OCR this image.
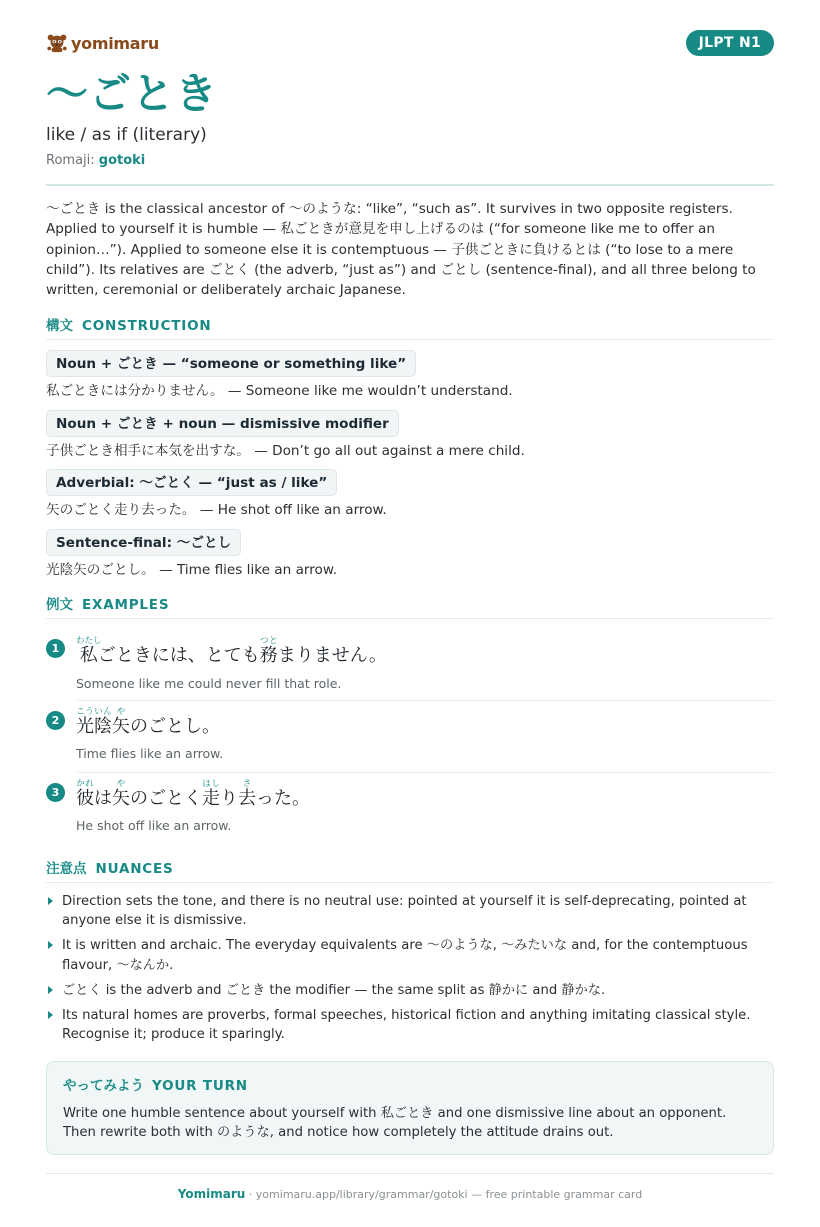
yomimaru	JLPT N1
〜ごとき
like / as if (literary)
Romaji: gotoki

〜ごとき is the classical ancestor of 〜のような: “like”, “such as”. It survives in two opposite registers. Applied to yourself it is humble — 私ごときが意見を申し上げるのは (“for someone like me to offer an opinion…”). Applied to someone else it is contemptuous — 子供ごときに負けるとは (“to lose to a mere child”). Its relatives are ごとく (the adverb, “just as”) and ごとし (sentence-final), and all three belong to written, ceremonial or deliberately archaic Japanese.

構文 CONSTRUCTION
Noun + ごとき — “someone or something like”
私ごときには分かりません。 — Someone like me wouldn’t understand.
Noun + ごとき + noun — dismissive modifier
子供ごとき相手に本気を出すな。 — Don’t go all out against a mere child.
Adverbial: 〜ごとく — “just as / like”
矢のごとく走り去った。 — He shot off like an arrow.
Sentence-final: 〜ごとし
光陰矢のごとし。 — Time flies like an arrow.
例文 EXAMPLES
1 私わたしごときには、とても務つとまりません。
Someone like me could never fill that role.
2 光陰こういん矢やのごとし。
Time flies like an arrow.
3 彼かれは矢やのごとく走はしり去さった。
He shot off like an arrow.
注意点 NUANCES
Direction sets the tone, and there is no neutral use: pointed at yourself it is self-deprecating, pointed at anyone else it is dismissive.
It is written and archaic. The everyday equivalents are 〜のような, 〜みたいな and, for the contemptuous flavour, 〜なんか.
ごとく is the adverb and ごとき the modifier — the same split as 静かに and 静かな.
Its natural homes are proverbs, formal speeches, historical fiction and anything imitating classical style. Recognise it; produce it sparingly.
やってみよう YOUR TURN
Write one humble sentence about yourself with 私ごとき and one dismissive line about an opponent. Then rewrite both with のような, and notice how completely the attitude drains out.
Yomimaru · yomimaru.app/library/grammar/gotoki — free printable grammar card
